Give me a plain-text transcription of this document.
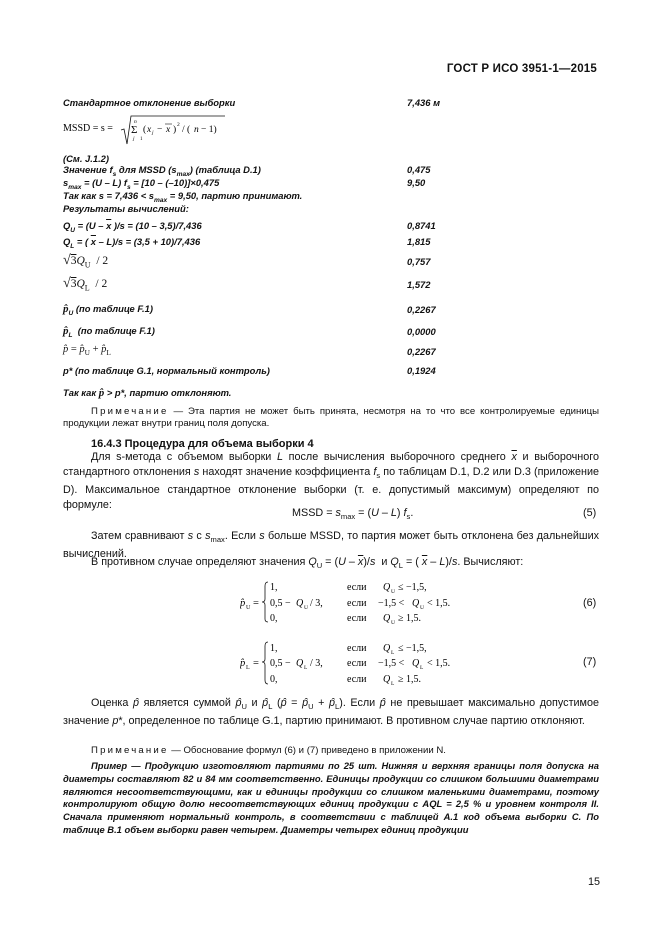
ГОСТ Р ИСО 3951-1—2015
Стандартное отклонение выборки	7,436 м
MSSD = s =
n
Σ
j 1
( x j − x ) 2 / ( n − 1)
(См. J.1.2)
Значение $f_s$ для MSSD $(s_{max})$ (таблица D.1)	0,475
$s_{max} = (U - L) f_s = [10 - (-10)]\times 0,475$	9,50
Так как $s = 7,436 < s_{max} = 9,50$, партию принимают.
Результаты вычислений:
$Q_U = (U - \overline{x}$ )/s = (10 – 3,5)/7,436	0,8741
$Q_L$ = ( $\overline{x} - L)/s = (3,5 + 10)/7,436$	1,815
$√3Q_U / 2$	0,757
$√3Q_L / 2$	1,572
$p̂_U$ (по таблице F.1)	0,2267
$p̂_L$  (по таблице F.1)	0,0000
p̂ = $p̂_U$ + $p̂_L$	0,2267
p* (по таблице G.1, нормальный контроль)	0,1924
Так как p̂ > p*, партию отклоняют.
Примечание — Эта партия не может быть принята, несмотря на то что все контролируемые единицы продукции лежат внутри границ поля допуска.
16.4.3 Процедура для объема выборки 4
Для s-метода с объемом выборки L после вычисления выборочного среднего $\overline{x}$ и выборочного стандартного отклонения s находят значение коэффициента $f_s$ по таблицам D.1, D.2 или D.3 (приложение D). Максимальное стандартное отклонение выборки (т. е. допустимый максимум) определяют по формуле:
MSSD = $s_{max} = (U - L)$ $f_s$.	(5)
Затем сравнивают s с $s_{max}$. Если s больше MSSD, то партия может быть отклонена без дальнейших вычислений.
В противном случае определяют значения $Q_U = (U - \overline{x})/s$  и $Q_L$ = ( $\overline{x} - L)/s$. Вычисляют:
p̂ U =
1,	если Q U ≤ −1,5,
0,5 − Q U / 3, если −1,5 < Q U < 1,5.
0,	если Q U ≥ 1,5.
(6)
p̂ L =
1,	если Q L ≤ −1,5,
0,5 − Q L / 3, если −1,5 < Q L < 1,5.
0,	если Q L ≥ 1,5.
(7)
Оценка p̂ является суммой $p̂_U$ и $p̂_L$ (p̂ = $p̂_U$ + $p̂_L$). Если p̂ не превышает максимально допустимое значение p*, определенное по таблице G.1, партию принимают. В противном случае партию отклоняют.
Примечание — Обоснование формул (6) и (7) приведено в приложении N.
Пример — Продукцию изготовляют партиями по 25 шт. Нижняя и верхняя границы поля допуска на диаметры составляют 82 и 84 мм соответственно. Единицы продукции со слишком большими диаметрами являются несоответствующими, как и единицы продукции со слишком маленькими диаметрами, поэтому контролируют общую долю несоответствующих единиц продукции с AQL = 2,5 % и уровнем контроля II. Сначала применяют нормальный контроль, в соответствии с таблицей A.1 код объема выборки C. По таблице B.1 объем выборки равен четырем. Диаметры четырех единиц продукции
15
